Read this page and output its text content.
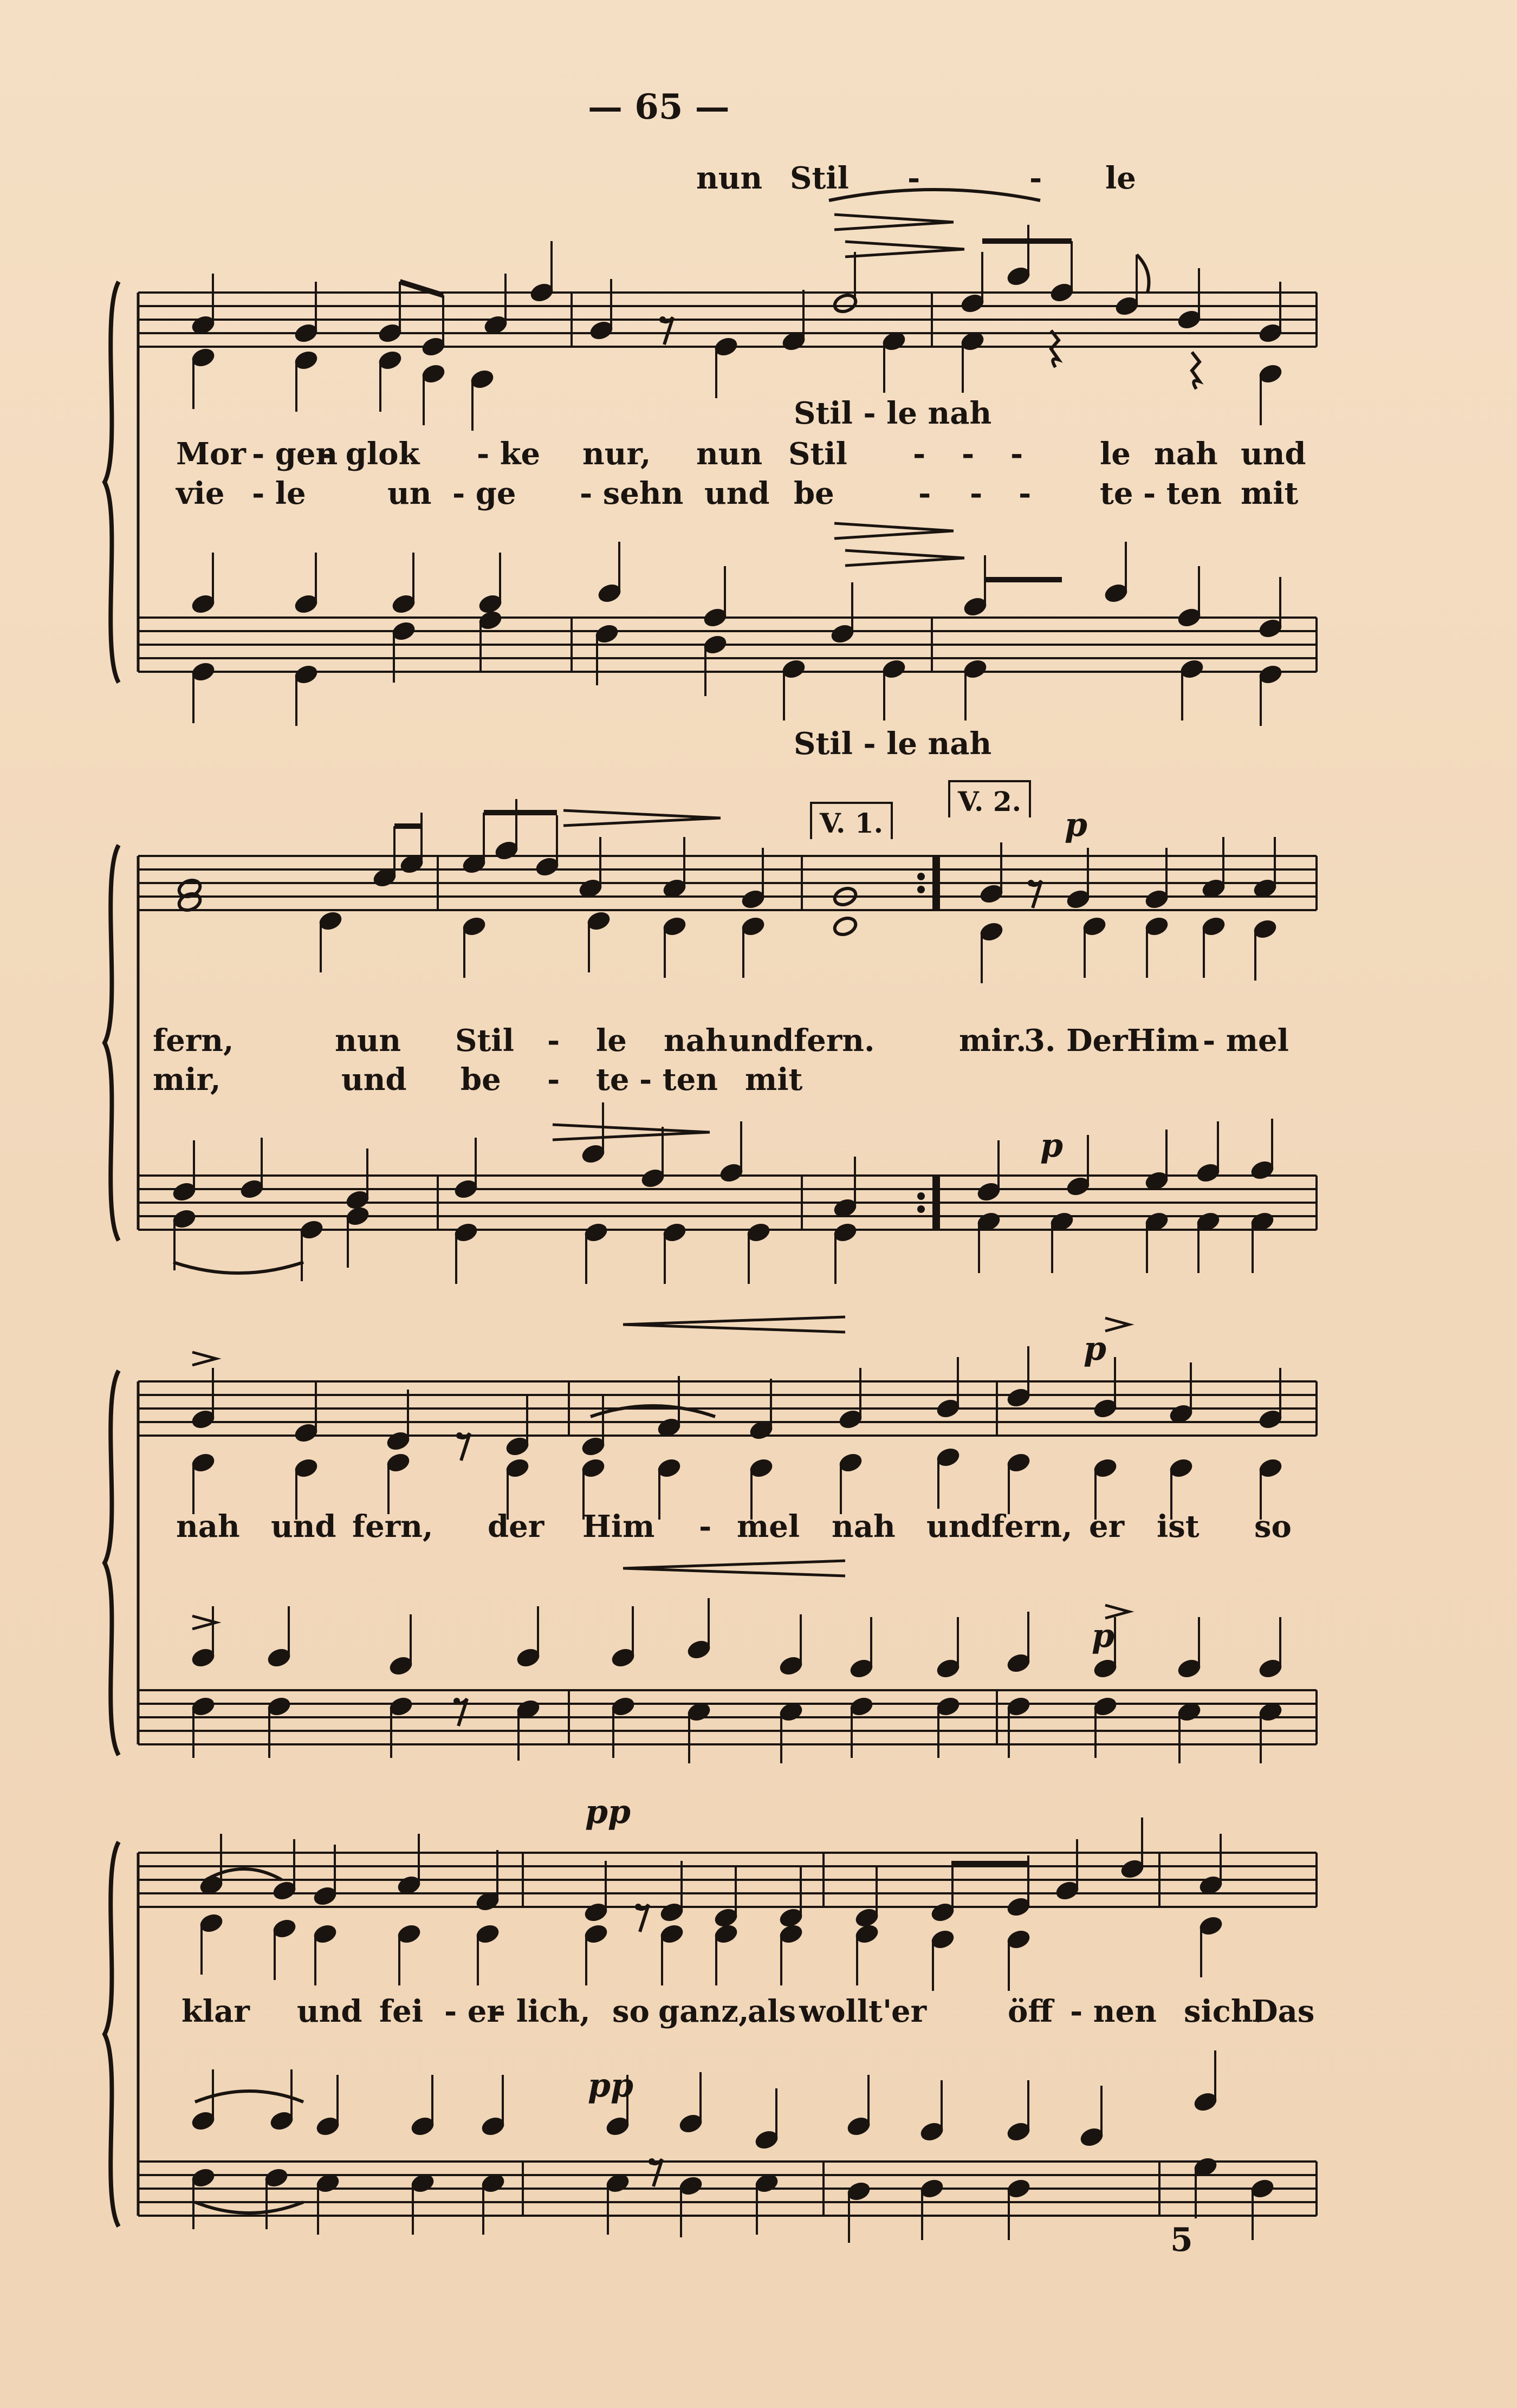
— 65 —
nun Stil -	- le
Stil - le nah
Mor - gen
- glok - ke nur, nun Stil - - -	le nah und
vie - le	un - ge - sehn und be	- - - te - ten mit
Stil - le nah
V. 1.
V. 2.
p
fern,	nun Stil - le nah und fern.	mir.
3. Der
Him - mel
mir,	und be - te - ten mit
p
p
nah und fern, der Him - mel nah und fern, er ist so
p
pp
klar und fei - er
- lich, so ganz,
als wollt'
er	öff - nen sich.
Das
pp
5
